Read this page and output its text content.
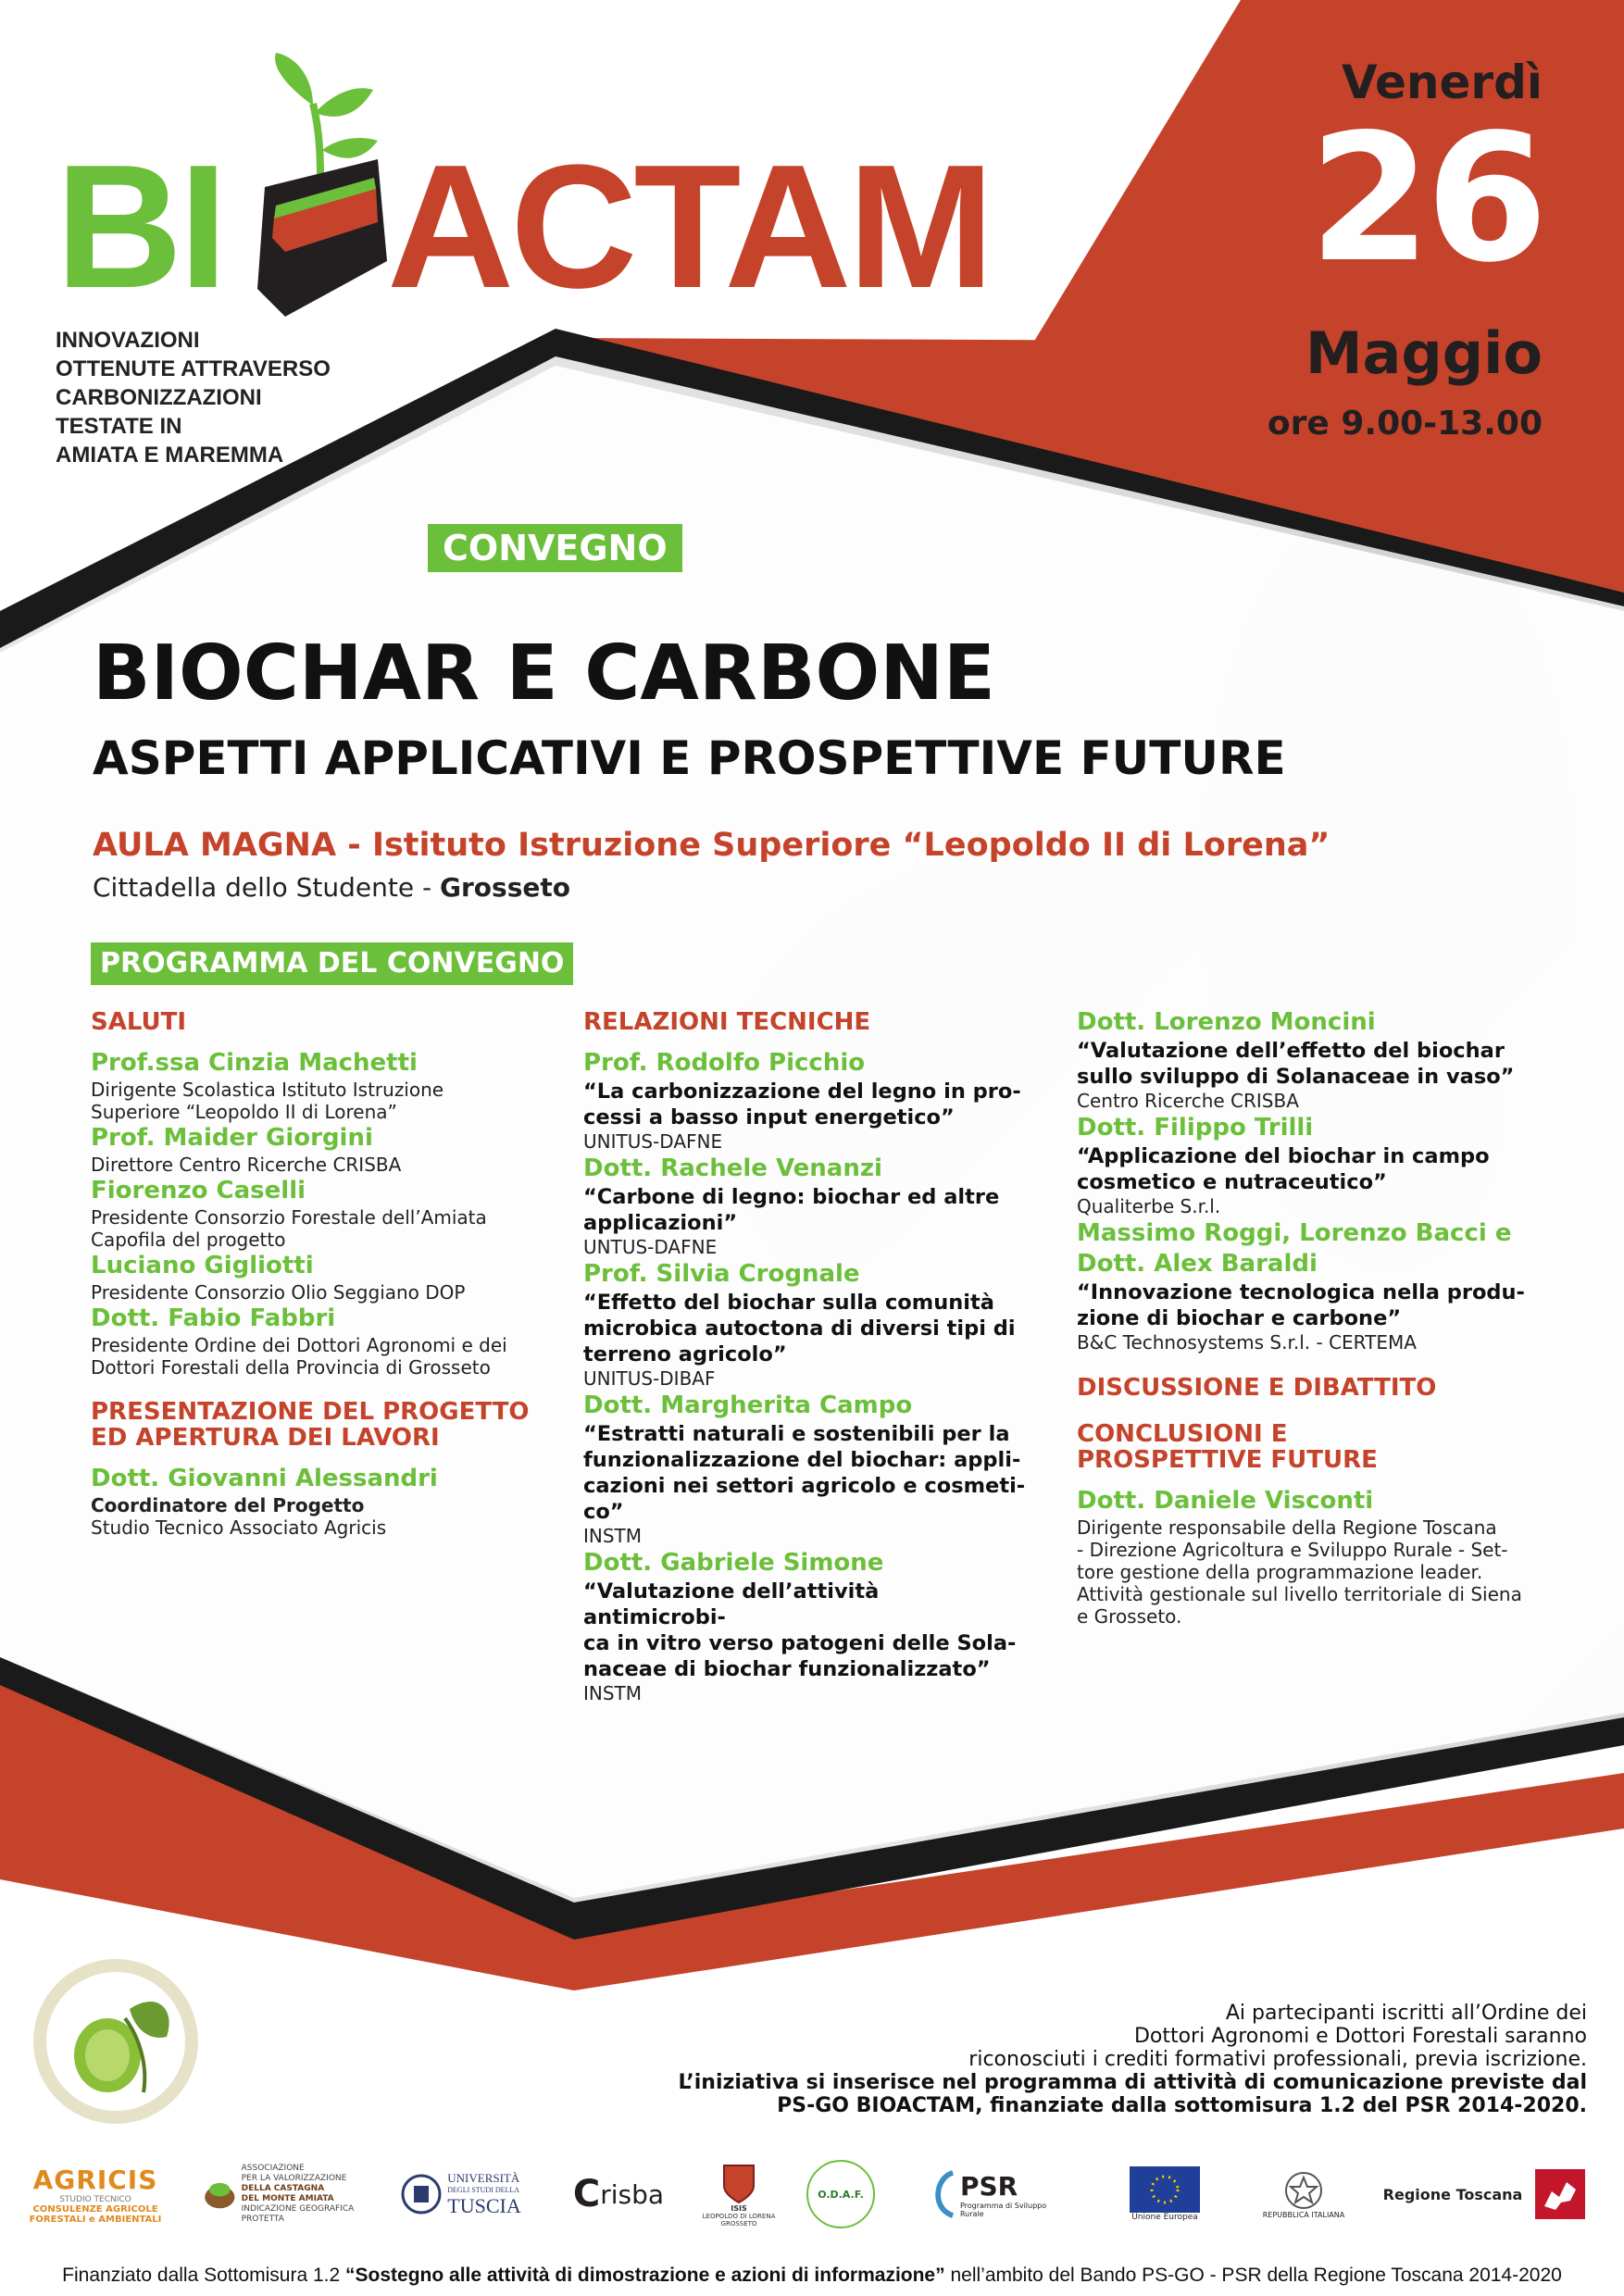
BI ACTAM
INNOVAZIONI
OTTENUTE ATTRAVERSO
CARBONIZZAZIONI
TESTATE IN
AMIATA E MAREMMA
Venerdì
26
Maggio
ore 9.00-13.00
CONVEGNO
BIOCHAR E CARBONE
ASPETTI APPLICATIVI E PROSPETTIVE FUTURE
AULA MAGNA - Istituto Istruzione Superiore “Leopoldo II di Lorena”
Cittadella dello Studente - Grosseto
PROGRAMMA DEL CONVEGNO
SALUTI
Prof.ssa Cinzia Machetti
Dirigente Scolastica Istituto Istruzione
Superiore “Leopoldo II di Lorena”
Prof. Maider Giorgini
Direttore Centro Ricerche CRISBA
Fiorenzo Caselli
Presidente Consorzio Forestale dell’Amiata
Capofila del progetto
Luciano Gigliotti
Presidente Consorzio Olio Seggiano DOP
Dott. Fabio Fabbri
Presidente Ordine dei Dottori Agronomi e dei
Dottori Forestali della Provincia di Grosseto
PRESENTAZIONE DEL PROGETTO
ED APERTURA DEI LAVORI
Dott. Giovanni Alessandri
Coordinatore del Progetto
Studio Tecnico Associato Agricis
RELAZIONI TECNICHE
Prof. Rodolfo Picchio
“La carbonizzazione del legno in pro-
cessi a basso input energetico”
UNITUS-DAFNE
Dott. Rachele Venanzi
“Carbone di legno: biochar ed altre
applicazioni”
UNTUS-DAFNE
Prof. Silvia Crognale
“Effetto del biochar sulla comunità
microbica autoctona di diversi tipi di
terreno agricolo”
UNITUS-DIBAF
Dott. Margherita Campo
“Estratti naturali e sostenibili per la
funzionalizzazione del biochar: appli-
cazioni nei settori agricolo e cosmeti-
co”
INSTM
Dott. Gabriele Simone
“Valutazione dell’attività antimicrobi-
ca in vitro verso patogeni delle Sola-
naceae di biochar funzionalizzato”
INSTM
Dott. Lorenzo Moncini
“Valutazione dell’effetto del biochar
sullo sviluppo di Solanaceae in vaso”
Centro Ricerche CRISBA
Dott. Filippo Trilli
“Applicazione del biochar in campo
cosmetico e nutraceutico”
Qualiterbe S.r.l.
Massimo Roggi, Lorenzo Bacci e
Dott. Alex Baraldi
“Innovazione tecnologica nella produ-
zione di biochar e carbone”
B&C Technosystems S.r.l. - CERTEMA
DISCUSSIONE E DIBATTITO
CONCLUSIONI E
PROSPETTIVE FUTURE
Dott. Daniele Visconti
Dirigente responsabile della Regione Toscana
- Direzione Agricoltura e Sviluppo Rurale - Set-
tore gestione della programmazione leader.
Attività gestionale sul livello territoriale di Siena
e Grosseto.
Ai partecipanti iscritti all’Ordine dei
Dottori Agronomi e Dottori Forestali saranno
riconosciuti i crediti formativi professionali, previa iscrizione.
L’iniziativa si inserisce nel programma di attività di comunicazione previste dal
PS-GO BIOACTAM, finanziate dalla sottomisura 1.2 del PSR 2014-2020.
AGRICIS
STUDIO TECNICO
CONSULENZE AGRICOLE
FORESTALI e AMBIENTALI
ASSOCIAZIONE
PER LA VALORIZZAZIONE
DELLA CASTAGNA
DEL MONTE AMIATA
INDICAZIONE GEOGRAFICA PROTETTA
UNIVERSITÀ
DEGLI STUDI DELLA
TUSCIA C risba	ISIS
LEOPOLDO DI LORENA
GROSSETO
O.D.A.F.	PSR
Programma di Sviluppo Rurale	Unione Europea	REPUBBLICA ITALIANA
Regione Toscana
Finanziato dalla Sottomisura 1.2 “Sostegno alle attività di dimostrazione e azioni di informazione” nell’ambito del Bando PS-GO - PSR della Regione Toscana 2014-2020
